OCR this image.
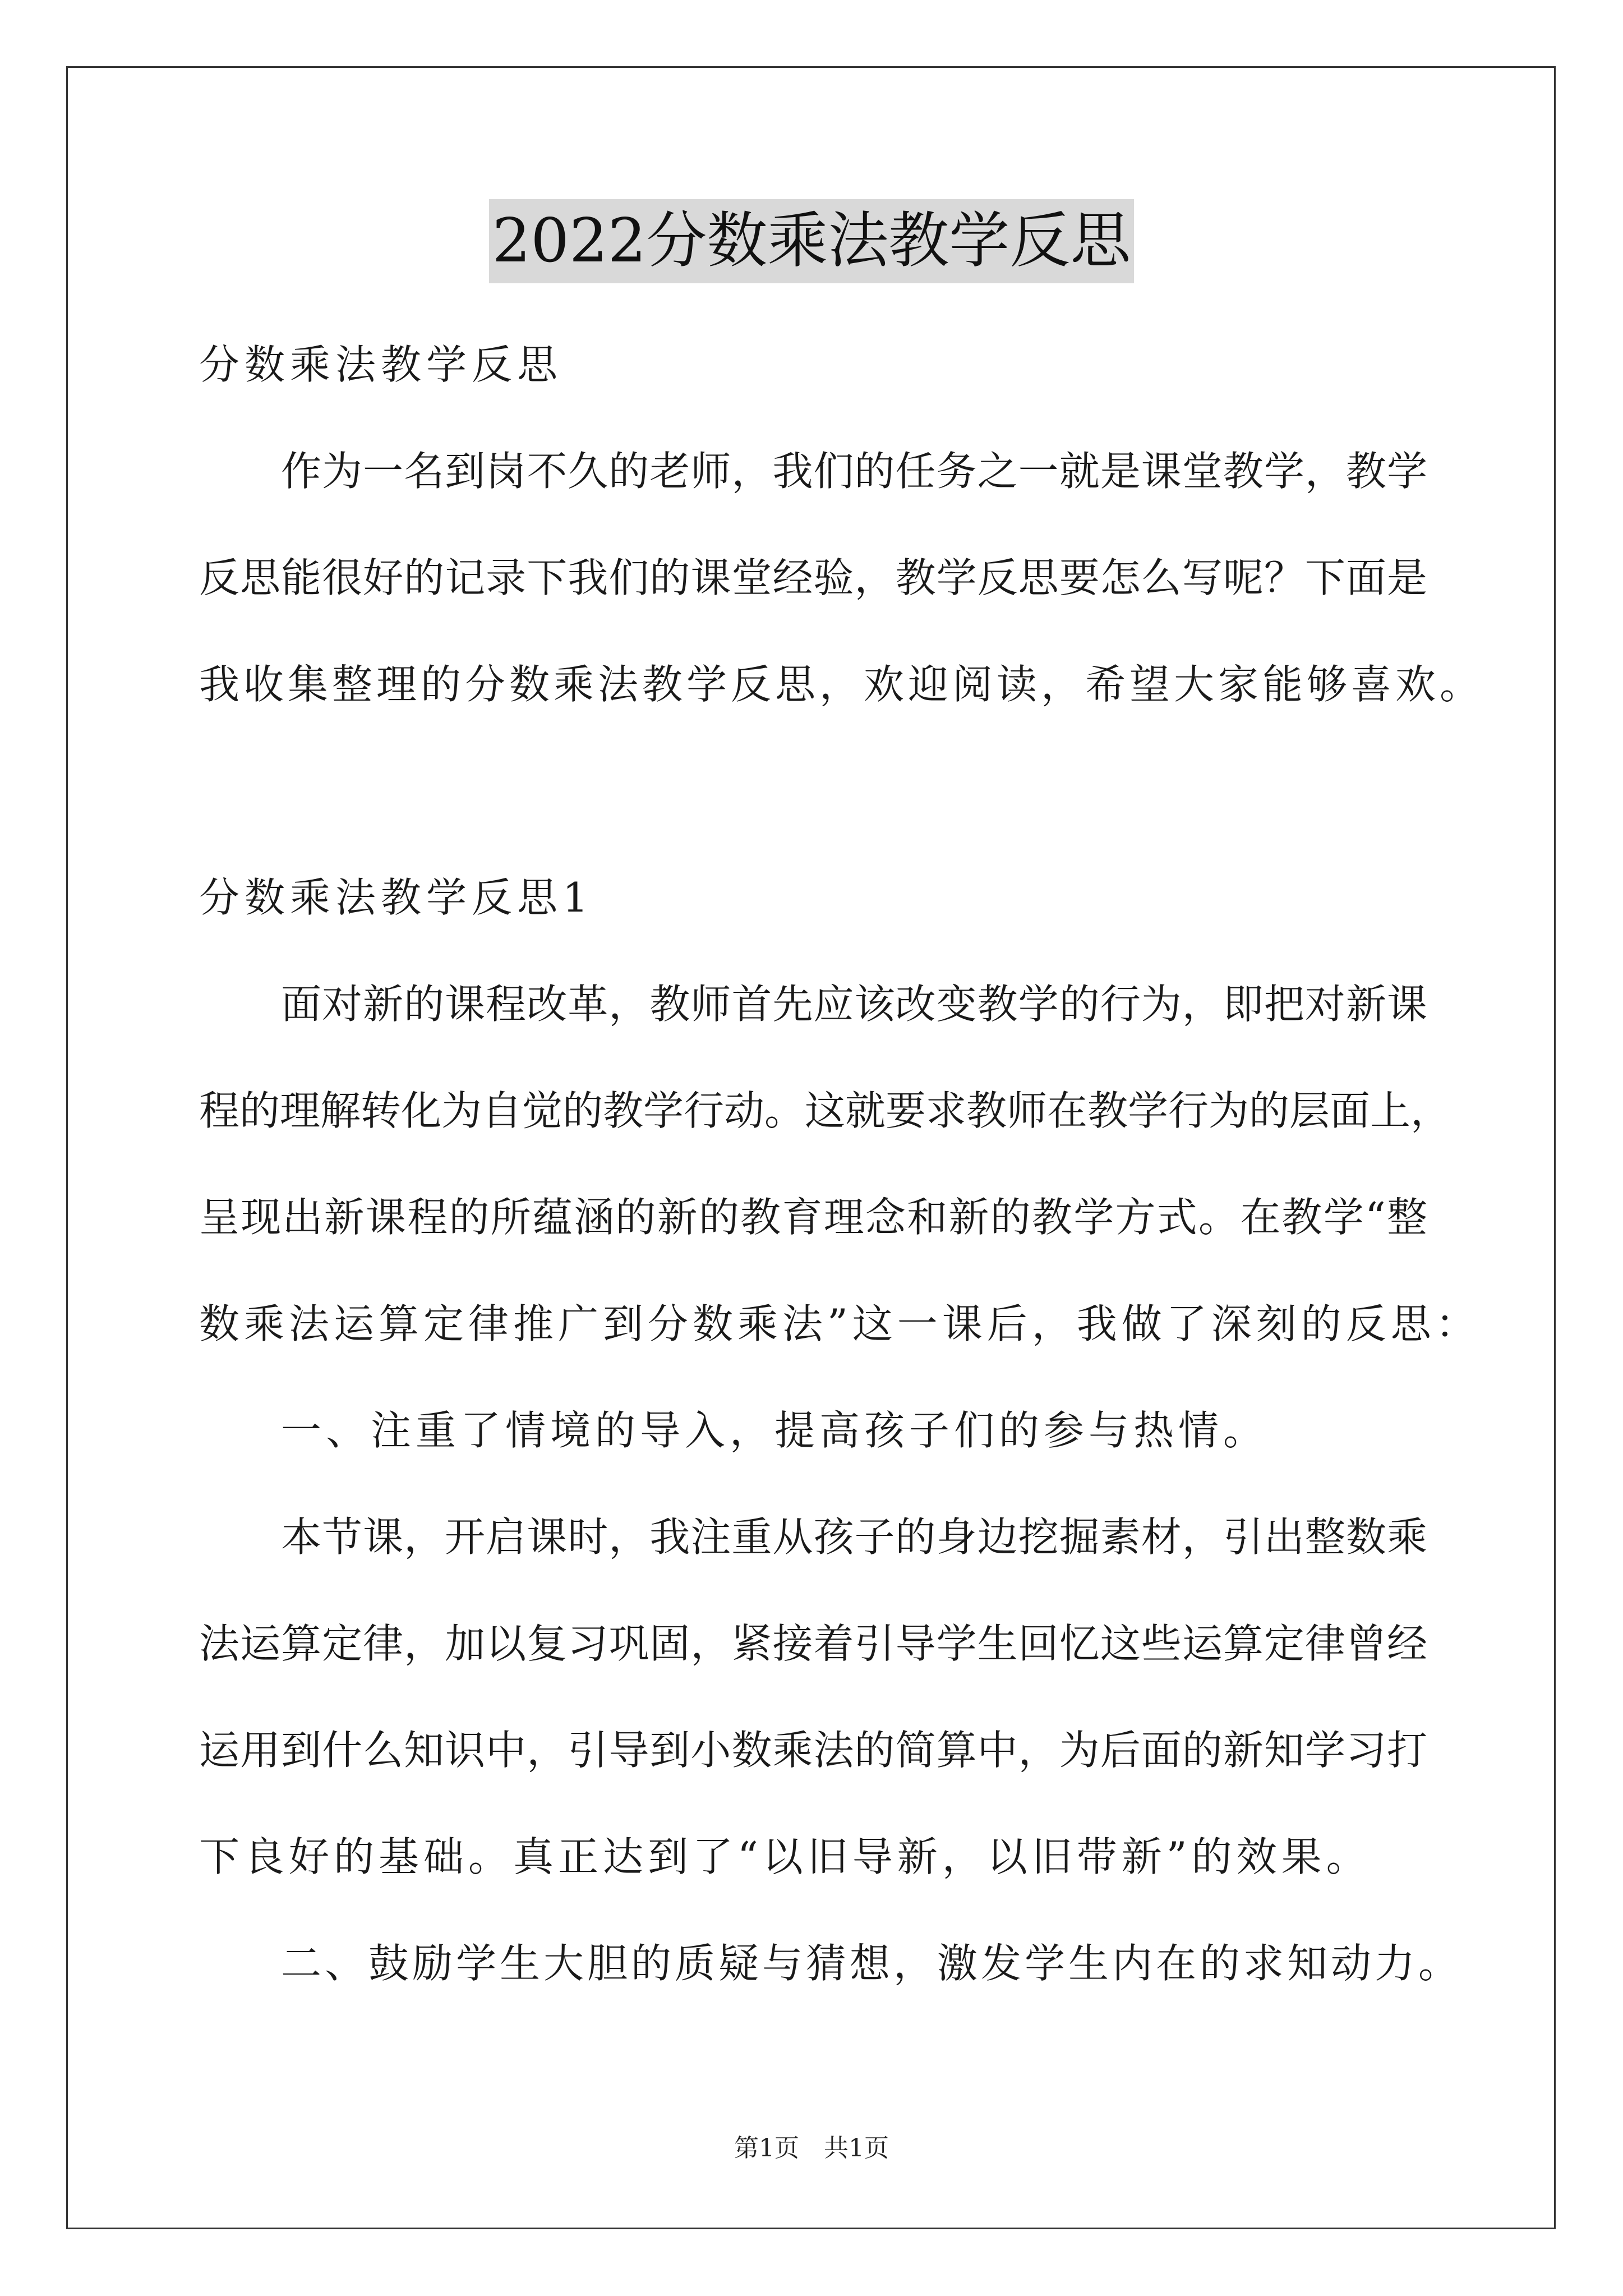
2022分数乘法教学反思
分数乘法教学反思
作为一名到岗不久的老师，我们的任务之一就是课堂教学，教学
反思能很好的记录下我们的课堂经验，教学反思要怎么写呢？下面是
我收集整理的分数乘法教学反思，欢迎阅读，希望大家能够喜欢。
分数乘法教学反思1
面对新的课程改革，教师首先应该改变教学的行为，即把对新课
程的理解转化为自觉的教学行动。这就要求教师在教学行为的层面上，
呈现出新课程的所蕴涵的新的教育理念和新的教学方式。在教学“整
数乘法运算定律推广到分数乘法”这一课后，我做了深刻的反思：
一、注重了情境的导入，提高孩子们的参与热情。
本节课，开启课时，我注重从孩子的身边挖掘素材，引出整数乘
法运算定律，加以复习巩固，紧接着引导学生回忆这些运算定律曾经
运用到什么知识中，引导到小数乘法的简算中，为后面的新知学习打
下良好的基础。真正达到了“以旧导新，以旧带新”的效果。
二、鼓励学生大胆的质疑与猜想，激发学生内在的求知动力。
第1页　共1页
